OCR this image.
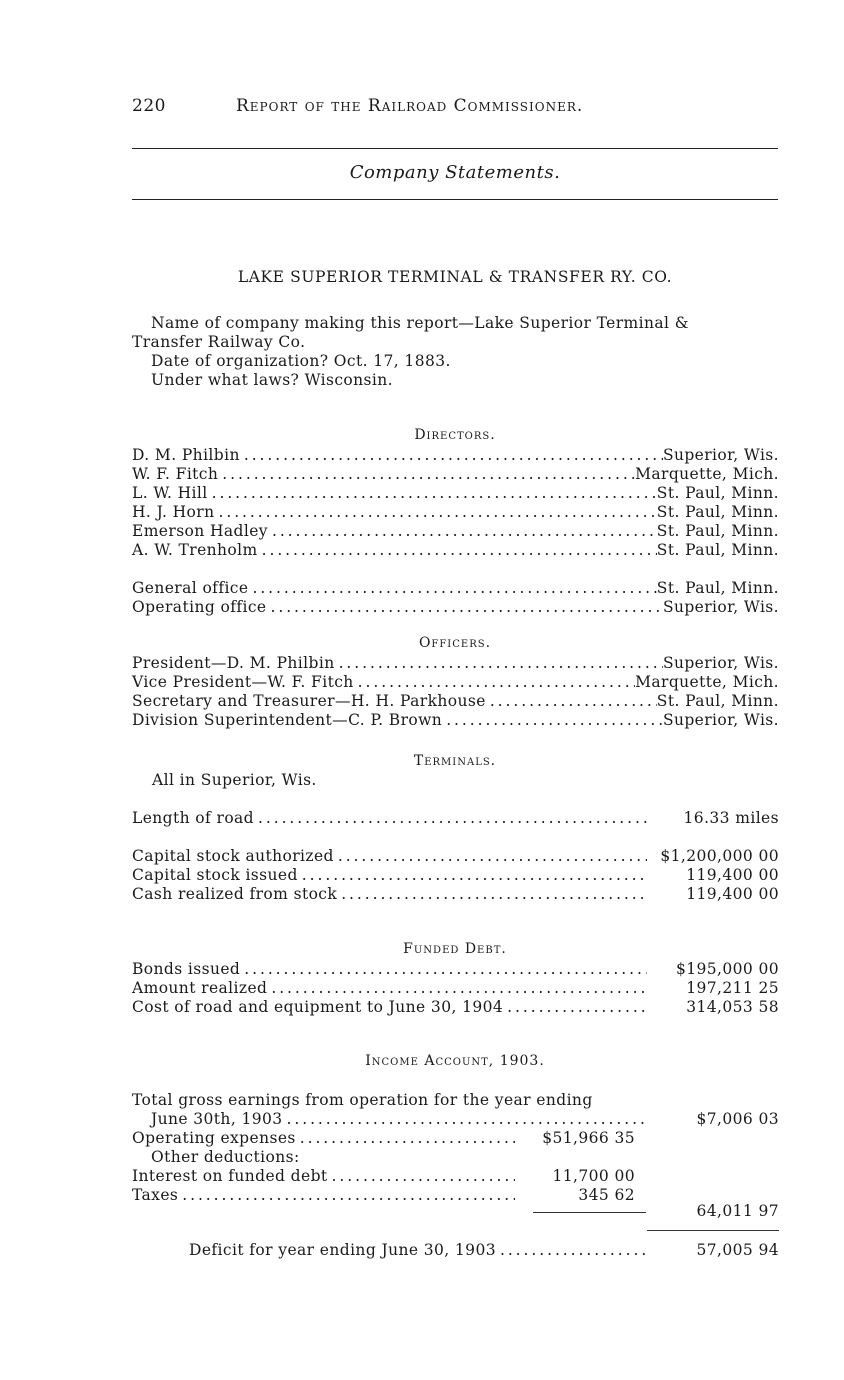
220	Report of the Railroad Commissioner.
Company Statements.
LAKE SUPERIOR TERMINAL & TRANSFER RY. CO.
Name of company making this report—Lake Superior Terminal &
Transfer Railway Co.
Date of organization? Oct. 17, 1883.
Under what laws? Wisconsin.
Directors.
D. M. Philbin . . .	Superior, Wis.
W. F. Fitch . . .	Marquette, Mich.
L. W. Hill . . .	St. Paul, Minn.
H. J. Horn . . .	St. Paul, Minn.
Emerson Hadley . . .	St. Paul, Minn.
A. W. Trenholm . . .	St. Paul, Minn.
General office . . .	St. Paul, Minn.
Operating office . . .	Superior, Wis.
Officers.
President—D. M. Philbin . . .	Superior, Wis.
Vice President—W. F. Fitch . . .	Marquette, Mich.
Secretary and Treasurer—H. H. Parkhouse . . .	St. Paul, Minn.
Division Superintendent—C. P. Brown . . .	Superior, Wis.
Terminals.
All in Superior, Wis.
Length of road . . .	16.33 miles
Capital stock authorized . . .	$1,200,000 00
Capital stock issued . . .	119,400 00
Cash realized from stock . . .	119,400 00
Funded Debt.
Bonds issued . . .	$195,000 00
Amount realized . . .	197,211 25
Cost of road and equipment to June 30, 1904 . . .	314,053 58
Income Account, 1903.
Total gross earnings from operation for the year ending
June 30th, 1903 . . .	$7,006 03
Operating expenses . . .	$51,966 35
Other deductions:
Interest on funded debt . . .	11,700 00
Taxes . . .	345 62
64,011 97
Deficit for year ending June 30, 1903 . . .	57,005 94
